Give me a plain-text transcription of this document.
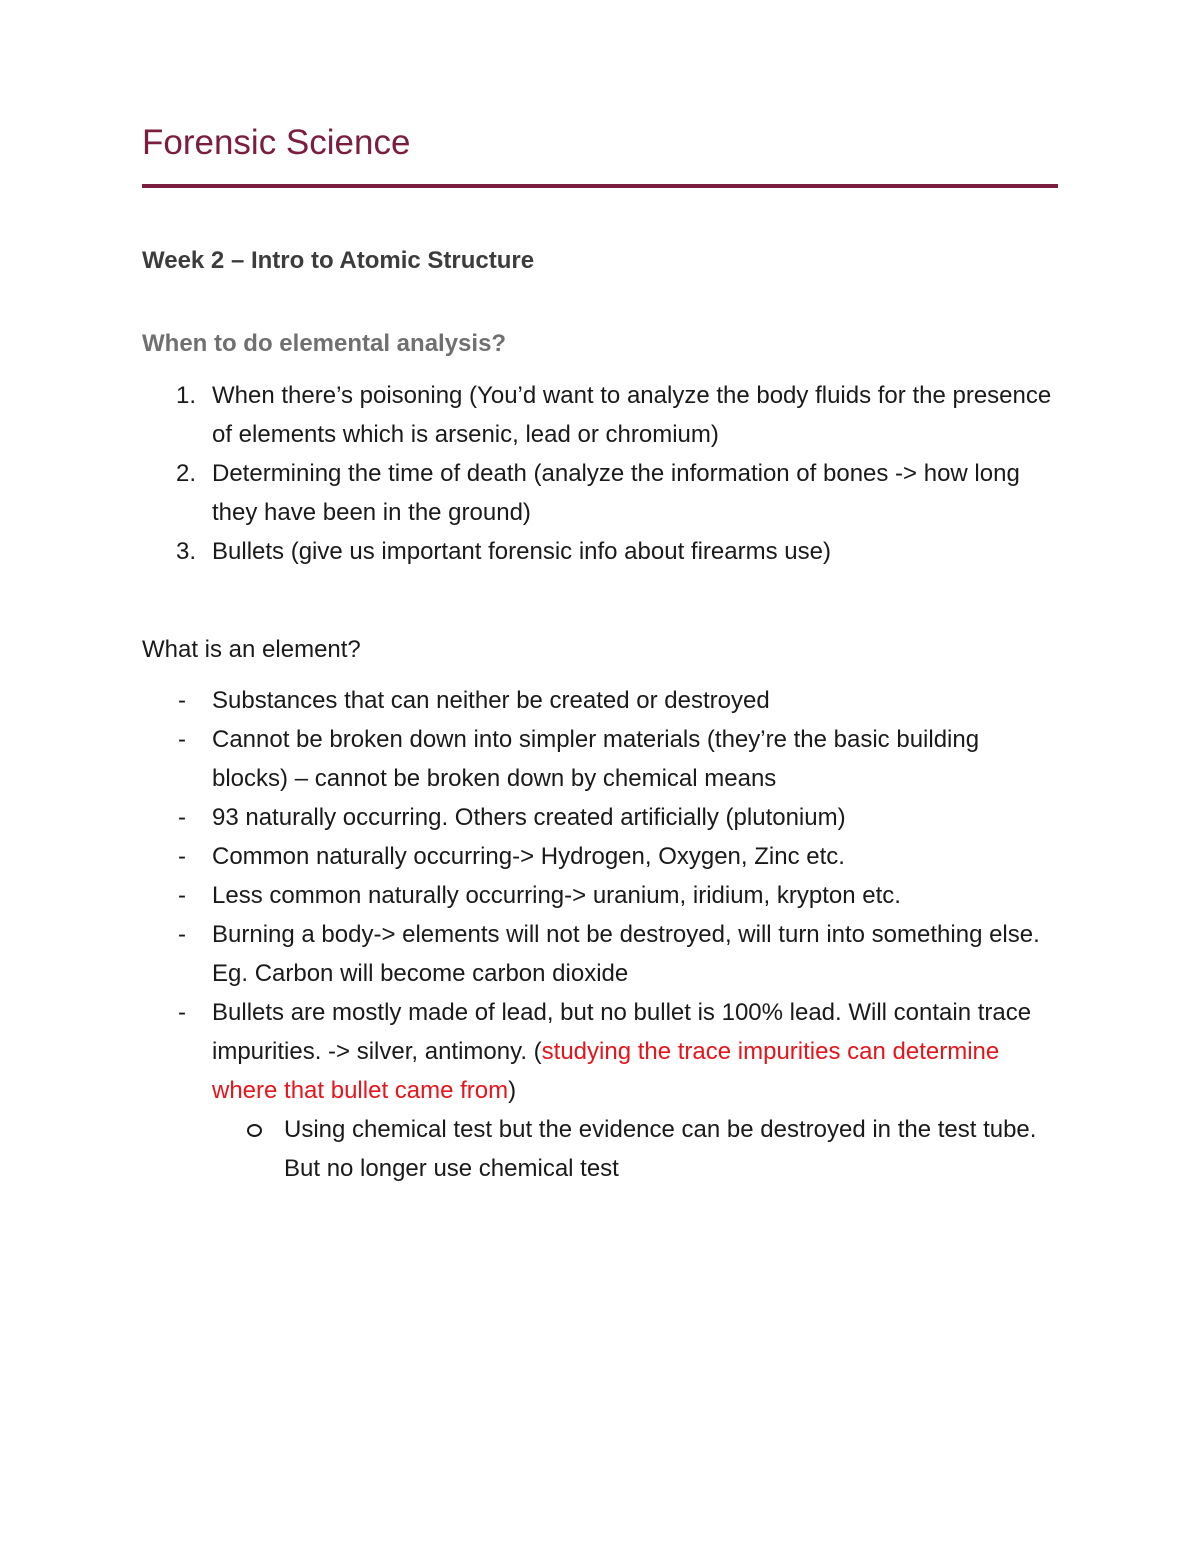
Forensic Science
Week 2 – Intro to Atomic Structure
When to do elemental analysis?
1. When there’s poisoning (You’d want to analyze the body fluids for the presence of elements which is arsenic, lead or chromium)
2. Determining the time of death (analyze the information of bones -> how long they have been in the ground)
3. Bullets (give us important forensic info about firearms use)
What is an element?
- Substances that can neither be created or destroyed
- Cannot be broken down into simpler materials (they’re the basic building blocks) – cannot be broken down by chemical means
- 93 naturally occurring. Others created artificially (plutonium)
- Common naturally occurring-> Hydrogen, Oxygen, Zinc etc.
- Less common naturally occurring-> uranium, iridium, krypton etc.
- Burning a body-> elements will not be destroyed, will turn into something else. Eg. Carbon will become carbon dioxide
- Bullets are mostly made of lead, but no bullet is 100% lead. Will contain trace impurities. -> silver, antimony. (studying the trace impurities can determine where that bullet came from)
Using chemical test but the evidence can be destroyed in the test tube. But no longer use chemical test
